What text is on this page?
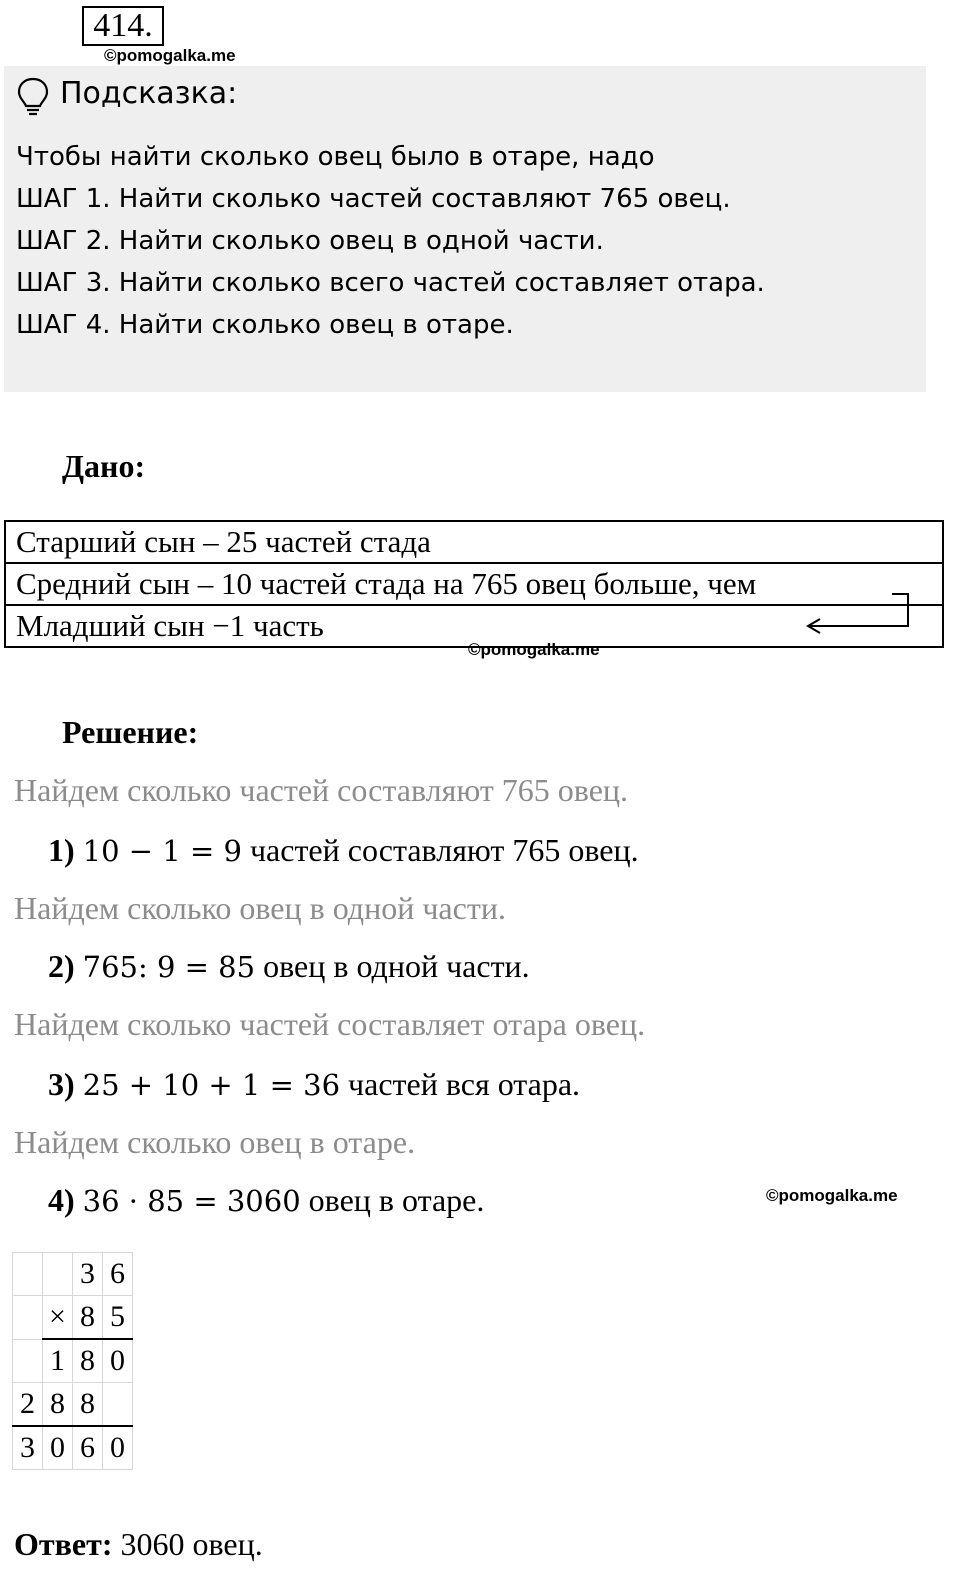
414.
©pomogalka.me
Подсказка:
Чтобы найти сколько овец было в отаре, надо
ШАГ 1. Найти сколько частей составляют 765 овец.
ШАГ 2. Найти сколько овец в одной части.
ШАГ 3. Найти сколько всего частей составляет отара.
ШАГ 4. Найти сколько овец в отаре.
Дано:
Старший сын – 25 частей стада
Средний сын – 10 частей стада на 765 овец больше, чем
Младший сын −1 часть
©pomogalka.me
Решение:
Найдем сколько частей составляют 765 овец.
1) 10 − 1 = 9 частей составляют 765 овец.
Найдем сколько овец в одной части.
2) 765: 9 = 85 овец в одной части.
Найдем сколько частей составляет отара овец.
3) 25 + 10 + 1 = 36 частей вся отара.
Найдем сколько овец в отаре.
4) 36 · 85 = 3060 овец в отаре.	©pomogalka.me
		3	6
	×	8	5
	1	8	0
2	8	8	
3	0	6	0
Ответ: 3060 овец.
